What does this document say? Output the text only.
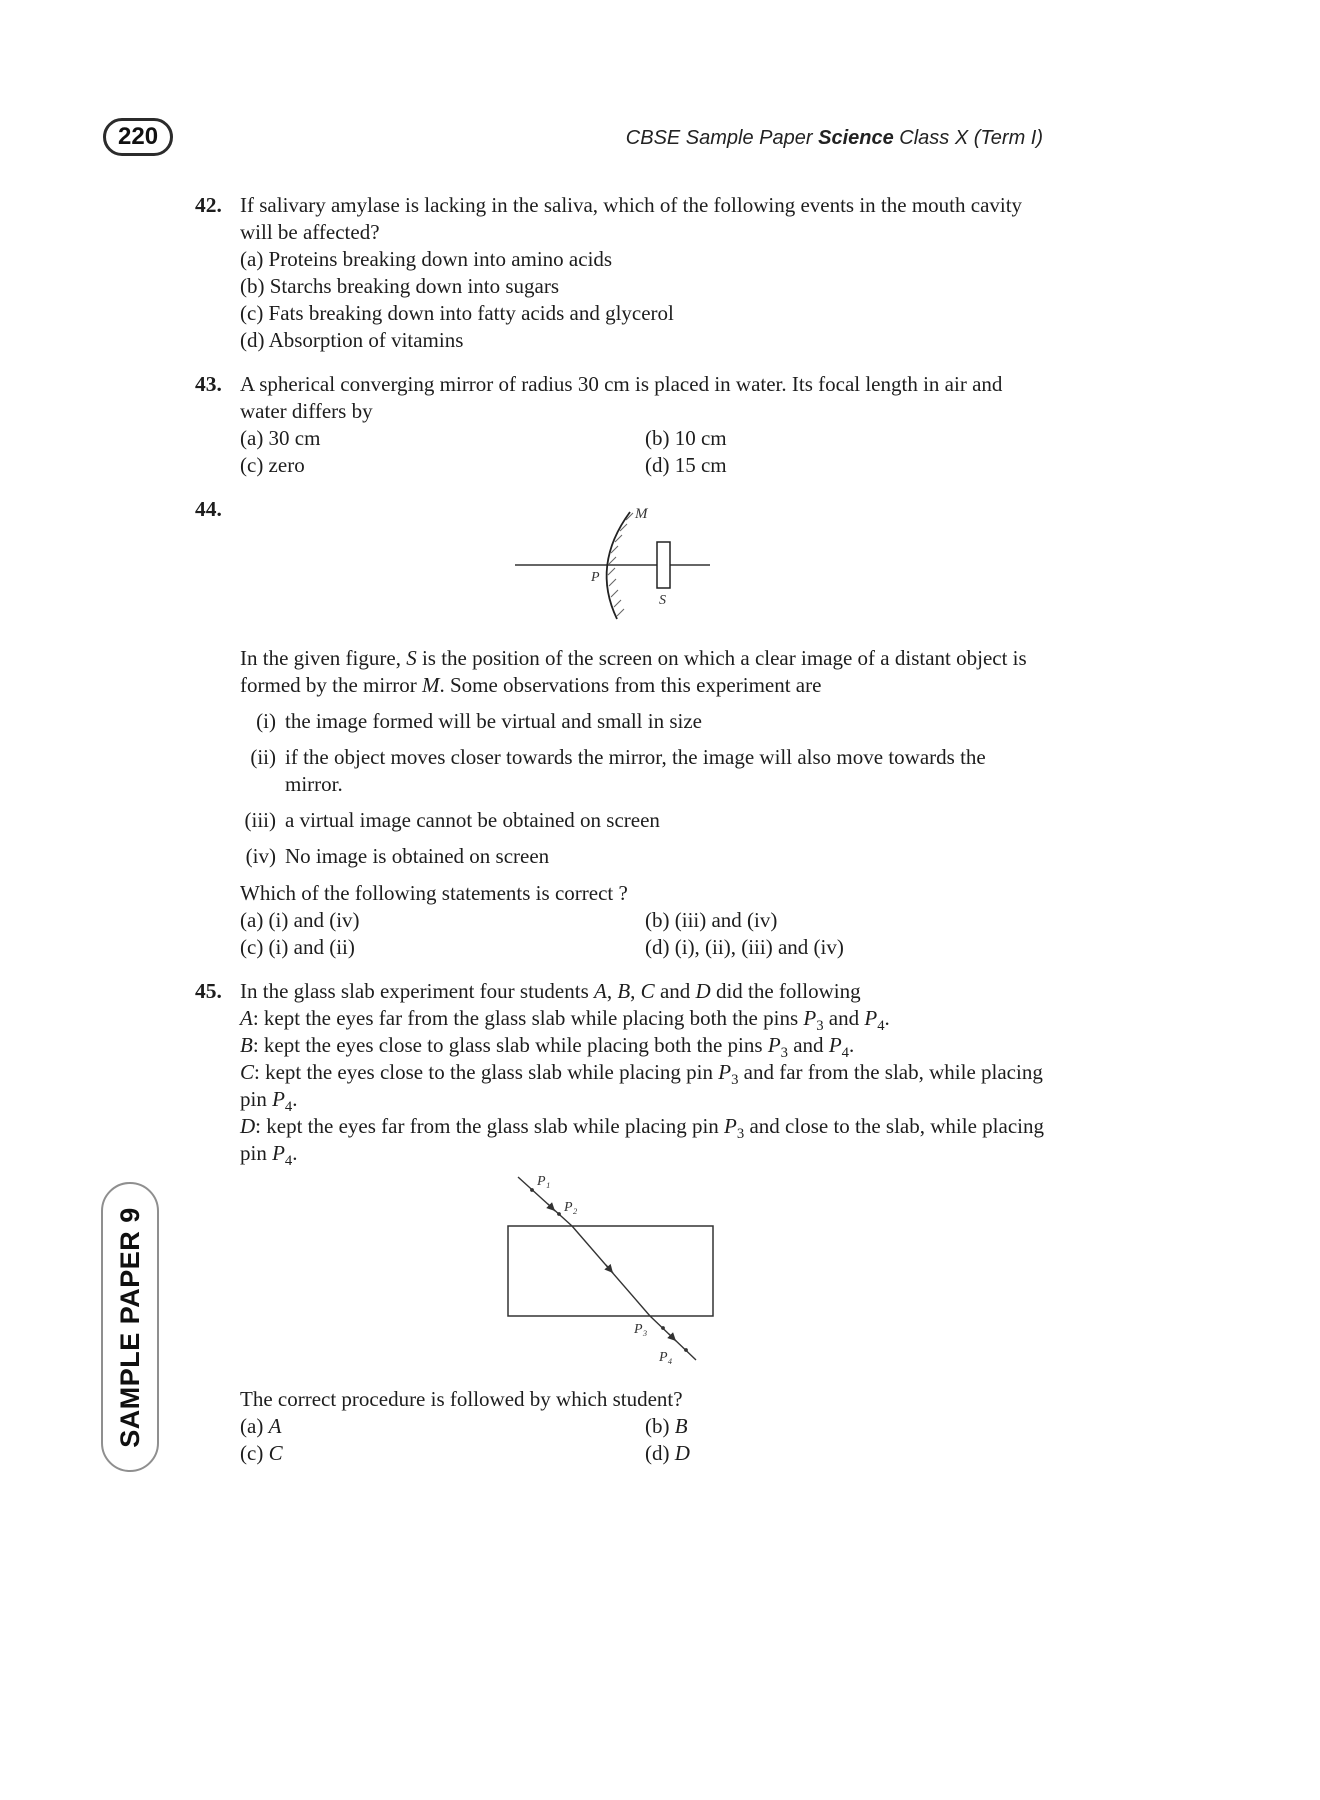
220	CBSE Sample Paper Science Class X (Term I)
SAMPLE PAPER 9
42. If salivary amylase is lacking in the saliva, which of the following events in the mouth cavity will be affected?
(a) Proteins breaking down into amino acids
(b) Starchs breaking down into sugars
(c) Fats breaking down into fatty acids and glycerol
(d) Absorption of vitamins
43. A spherical converging mirror of radius 30 cm is placed in water. Its focal length in air and water differs by
(a) 30 cm	(b) 10 cm
(c) zero	(d) 15 cm
44.	M
P
S
In the given figure, S is the position of the screen on which a clear image of a distant object is formed by the mirror M. Some observations from this experiment are
(i) the image formed will be virtual and small in size
(ii) if the object moves closer towards the mirror, the image will also move towards the mirror.
(iii) a virtual image cannot be obtained on screen
(iv) No image is obtained on screen
Which of the following statements is correct ?
(a) (i) and (iv)	(b) (iii) and (iv)
(c) (i) and (ii)	(d) (i), (ii), (iii) and (iv)
45. In the glass slab experiment four students A, B, C and D did the following
A: kept the eyes far from the glass slab while placing both the pins $P_3$ and $P_4$.
B: kept the eyes close to glass slab while placing both the pins $P_3$ and $P_4$.
C: kept the eyes close to the glass slab while placing pin $P_3$ and far from the slab, while placing pin $P_4$.
D: kept the eyes far from the glass slab while placing pin $P_3$ and close to the slab, while placing pin $P_4$.
P₁
P₂
P₃
P₄
The correct procedure is followed by which student?
(a) A	(b) B
(c) C	(d) D
